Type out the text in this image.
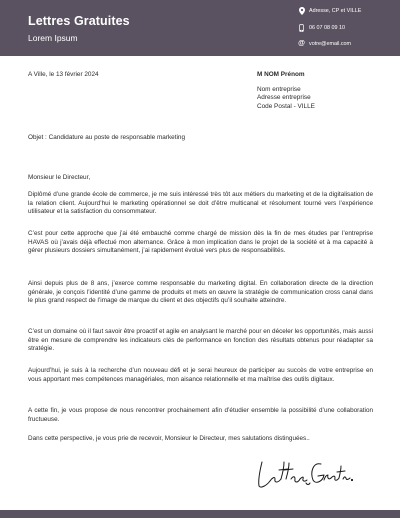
Lettres Gratuites
Lorem Ipsum
Adresse, CP et VILLE
06 07 08 09 10
@ votre@email.com
A Ville, le 13 février 2024	M NOM Prénom
Nom entreprise
Adresse entreprise
Code Postal - VILLE
Objet : Candidature au poste de responsable marketing
Monsieur le Directeur,

Diplômé d’une grande école de commerce, je me suis intéressé très tôt aux métiers du marketing et de la digitalisation de la relation client. Aujourd’hui le marketing opérationnel se doit d’être multicanal et résolument tourné vers l’expérience utilisateur et la satisfaction du consommateur.

C’est pour cette approche que j’ai été embauché comme chargé de mission dès la fin de mes études par l’entreprise HAVAS où j’avais déjà effectué mon alternance. Grâce à mon implication dans le projet de la société et à ma capacité à gérer plusieurs dossiers simultanément, j’ai rapidement évolué vers plus de responsabilités.

Ainsi depuis plus de 8 ans, j’exerce comme responsable du marketing digital. En collaboration directe de la direction générale, je conçois l’identité d’une gamme de produits et mets en œuvre la stratégie de communication cross canal dans le plus grand respect de l’image de marque du client et des objectifs qu’il souhaite atteindre.

C’est un domaine où il faut savoir être proactif et agile en analysant le marché pour en déceler les opportunités, mais aussi être en mesure de comprendre les indicateurs clés de performance en fonction des résultats obtenus pour réadapter sa stratégie.

Aujourd’hui, je suis à la recherche d’un nouveau défi et je serai heureux de participer au succès de votre entreprise en vous apportant mes compétences managériales, mon aisance relationnelle et ma maîtrise des outils digitaux.

A cette fin, je vous propose de nous rencontrer prochainement afin d’étudier ensemble la possibilité d’une collaboration fructueuse.

Dans cette perspective, je vous prie de recevoir, Monsieur le Directeur, mes salutations distinguées..
